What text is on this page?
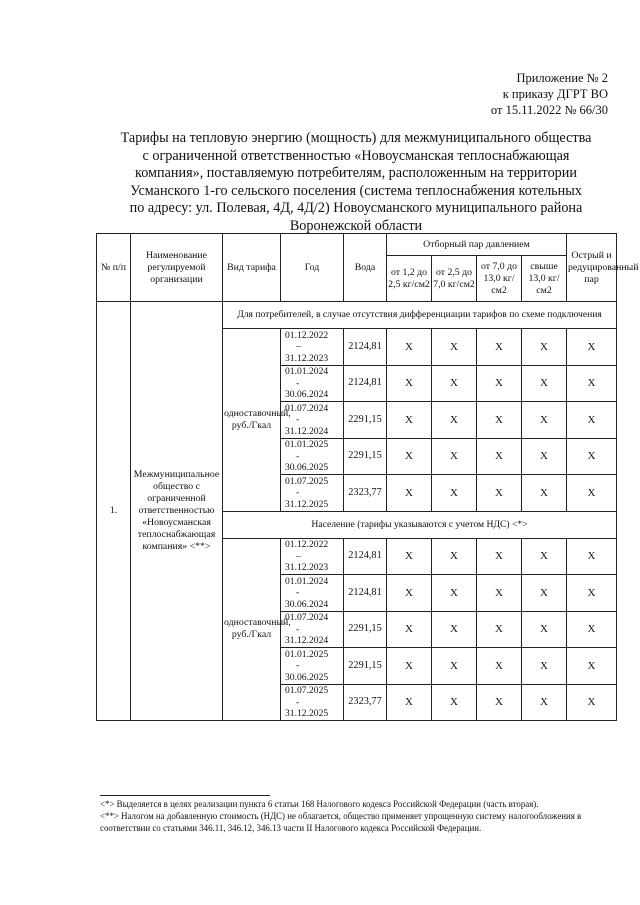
Приложение № 2
к приказу ДГРТ ВО
от 15.11.2022 № 66/30
Тарифы на тепловую энергию (мощность) для межмуниципального общества
с ограниченной ответственностью «Новоусманская теплоснабжающая
компания», поставляемую потребителям, расположенным на территории
Усманского 1-го сельского поселения (система теплоснабжения котельных
по адресу: ул. Полевая, 4Д, 4Д/2) Новоусманского муниципального района
Воронежской области
№ п/п	Наименование регулируемой организации	Вид тарифа	Год	Вода	Отборный пар давлением				Острый и редуцированный пар
					от 1,2 до 2,5 кг/см2	от 2,5 до 7,0 кг/см2	от 7,0 до 13,0 кг/см2	свыше 13,0 кг/см2	
1.	Межмуниципальное общество с ограниченной ответственностью «Новоусманская теплоснабжающая компания» <**>	Для потребителей, в случае отсутствия дифференциации тарифов по схеме подключения							
		одноставочный, руб./Гкал	01.12.2022
–
31.12.2023	2124,81	X	X	X	X	X

			01.01.2024
-
30.06.2024	2124,81	X	X	X	X	X

			01.07.2024
-
31.12.2024	2291,15	X	X	X	X	X

			01.01.2025
-
30.06.2025	2291,15	X	X	X	X	X

			01.07.2025
-
31.12.2025	2323,77	X	X	X	X	X
		Население (тарифы указываются с учетом НДС) <*>							
		одноставочный, руб./Гкал	01.12.2022
–
31.12.2023	2124,81	X	X	X	X	X

			01.01.2024
-
30.06.2024	2124,81	X	X	X	X	X

			01.07.2024
-
31.12.2024	2291,15	X	X	X	X	X

			01.01.2025
-
30.06.2025	2291,15	X	X	X	X	X

			01.07.2025
-
31.12.2025	2323,77	X	X	X	X	X

<*> Выделяется в целях реализации пункта 6 статьи 168 Налогового кодекса Российской Федерации (часть вторая).

<**> Налогом на добавленную стоимость (НДС) не облагается, общество применяет упрощенную систему налогообложения в соответствии со статьями 346.11, 346.12, 346.13 части II Налогового кодекса Российской Федерации.
